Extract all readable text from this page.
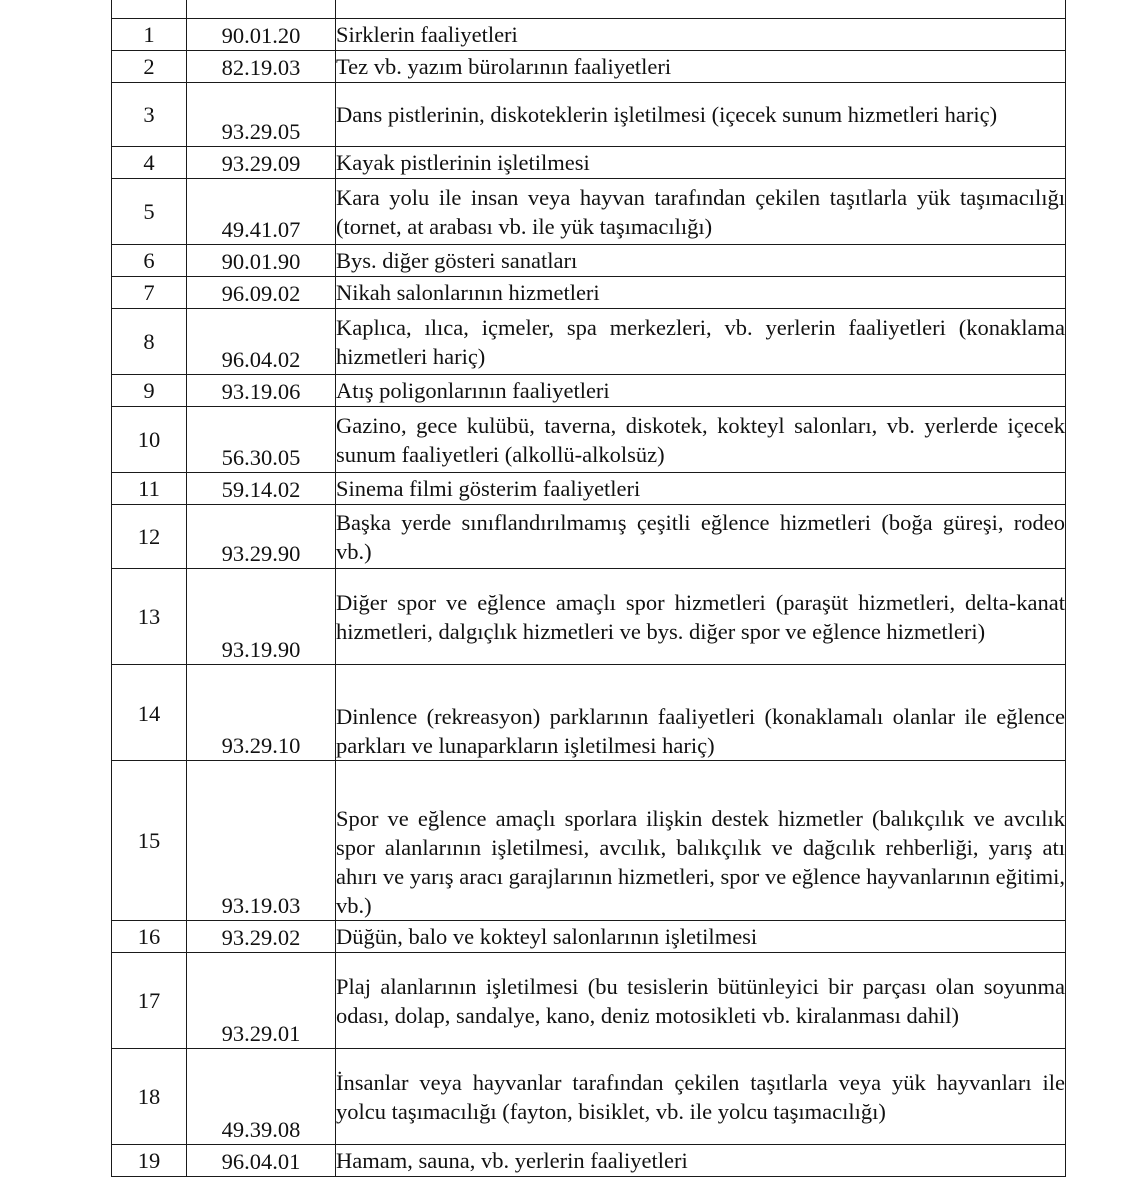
1	90.01.20	Sirklerin faaliyetleri
2	82.19.03	Tez vb. yazım bürolarının faaliyetleri
3	93.29.05	Dans pistlerinin, diskoteklerin işletilmesi (içecek sunum hizmetleri hariç)
4	93.29.09	Kayak pistlerinin işletilmesi
5	49.41.07	Kara yolu ile insan veya hayvan tarafından çekilen taşıtlarla yük taşımacılığı (tornet, at arabası vb. ile yük taşımacılığı)
6	90.01.90	Bys. diğer gösteri sanatları
7	96.09.02	Nikah salonlarının hizmetleri
8	96.04.02	Kaplıca, ılıca, içmeler, spa merkezleri, vb. yerlerin faaliyetleri (konaklama hizmetleri hariç)
9	93.19.06	Atış poligonlarının faaliyetleri
10	56.30.05	Gazino, gece kulübü, taverna, diskotek, kokteyl salonları, vb. yerlerde içecek sunum faaliyetleri (alkollü-alkolsüz)
11	59.14.02	Sinema filmi gösterim faaliyetleri
12	93.29.90	Başka yerde sınıflandırılmamış çeşitli eğlence hizmetleri (boğa güreşi, rodeo vb.)
13	93.19.90	Diğer spor ve eğlence amaçlı spor hizmetleri (paraşüt hizmetleri, delta-kanat hizmetleri, dalgıçlık hizmetleri ve bys. diğer spor ve eğlence hizmetleri)
14	93.29.10	Dinlence (rekreasyon) parklarının faaliyetleri (konaklamalı olanlar ile eğlence parkları ve lunaparkların işletilmesi hariç)
15	93.19.03	Spor ve eğlence amaçlı sporlara ilişkin destek hizmetler (balıkçılık ve avcılık spor alanlarının işletilmesi, avcılık, balıkçılık ve dağcılık rehberliği, yarış atı ahırı ve yarış aracı garajlarının hizmetleri, spor ve eğlence hayvanlarının eğitimi, vb.)
16	93.29.02	Düğün, balo ve kokteyl salonlarının işletilmesi
17	93.29.01	Plaj alanlarının işletilmesi (bu tesislerin bütünleyici bir parçası olan soyunma odası, dolap, sandalye, kano, deniz motosikleti vb. kiralanması dahil)
18	49.39.08	İnsanlar veya hayvanlar tarafından çekilen taşıtlarla veya yük hayvanları ile yolcu taşımacılığı (fayton, bisiklet, vb. ile yolcu taşımacılığı)
19	96.04.01	Hamam, sauna, vb. yerlerin faaliyetleri
